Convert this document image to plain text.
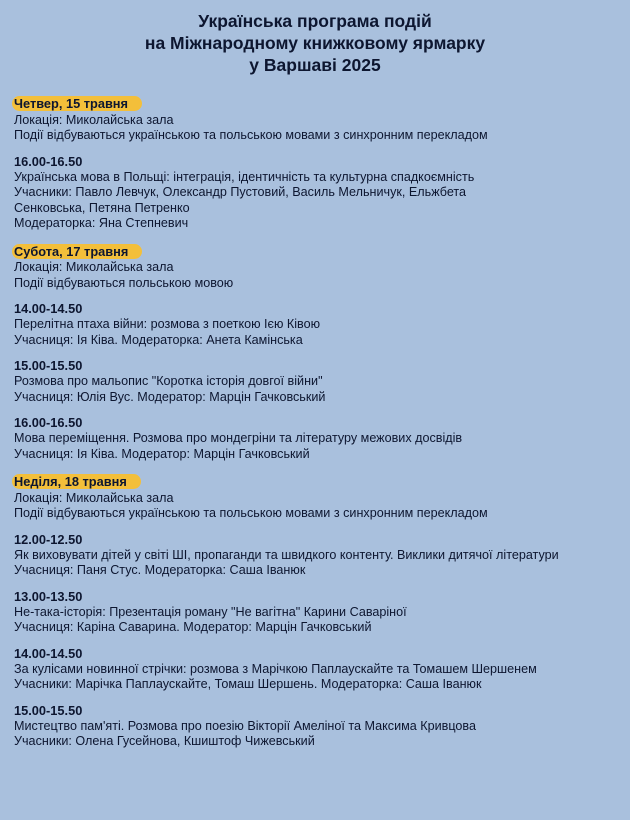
Українська програма подій
на Міжнародному книжковому ярмарку
у Варшаві 2025
Четвер, 15 травня
Локація: Миколайська зала
Події відбуваються українською та польською мовами з синхронним перекладом
16.00-16.50
Українська мова в Польщі: інтеграція, ідентичність та культурна спадкоємність
Учасники: Павло Левчук, Олександр Пустовий, Василь Мельничук, Ельжбета Сенковська, Петяна Петренко
Модераторка: Яна Степневич
Субота, 17 травня
Локація: Миколайська зала
Події відбуваються польською мовою
14.00-14.50
Перелітна птаха війни: розмова з поеткою Ією Ківою
Учасниця: Ія Ківа. Модераторка: Анета Камінська
15.00-15.50
Розмова про мальопис "Коротка історія довгої війни"
Учасниця: Юлія Вус. Модератор: Марцін Гачковський
16.00-16.50
Мова переміщення. Розмова про мондегріни та літературу межових досвідів
Учасниця: Ія Ківа. Модератор: Марцін Гачковський
Неділя, 18 травня
Локація: Миколайська зала
Події відбуваються українською та польською мовами з синхронним перекладом
12.00-12.50
Як виховувати дітей у світі ШІ, пропаганди та швидкого контенту. Виклики дитячої літератури
Учасниця: Паня Стус. Модераторка: Саша Іванюк
13.00-13.50
Не-така-історія: Презентація роману "Не вагітна" Карини Саваріної
Учасниця: Каріна Саварина. Модератор: Марцін Гачковський
14.00-14.50
За кулісами новинної стрічки: розмова з Марічкою Паплаускайте та Томашем Шершенем
Учасники: Марічка Паплаускайте, Томаш Шершень. Модераторка: Саша Іванюк
15.00-15.50
Мистецтво пам'яті. Розмова про поезію Вікторії Амеліної та Максима Кривцова
Учасники: Олена Гусейнова, Кшиштоф Чижевський
